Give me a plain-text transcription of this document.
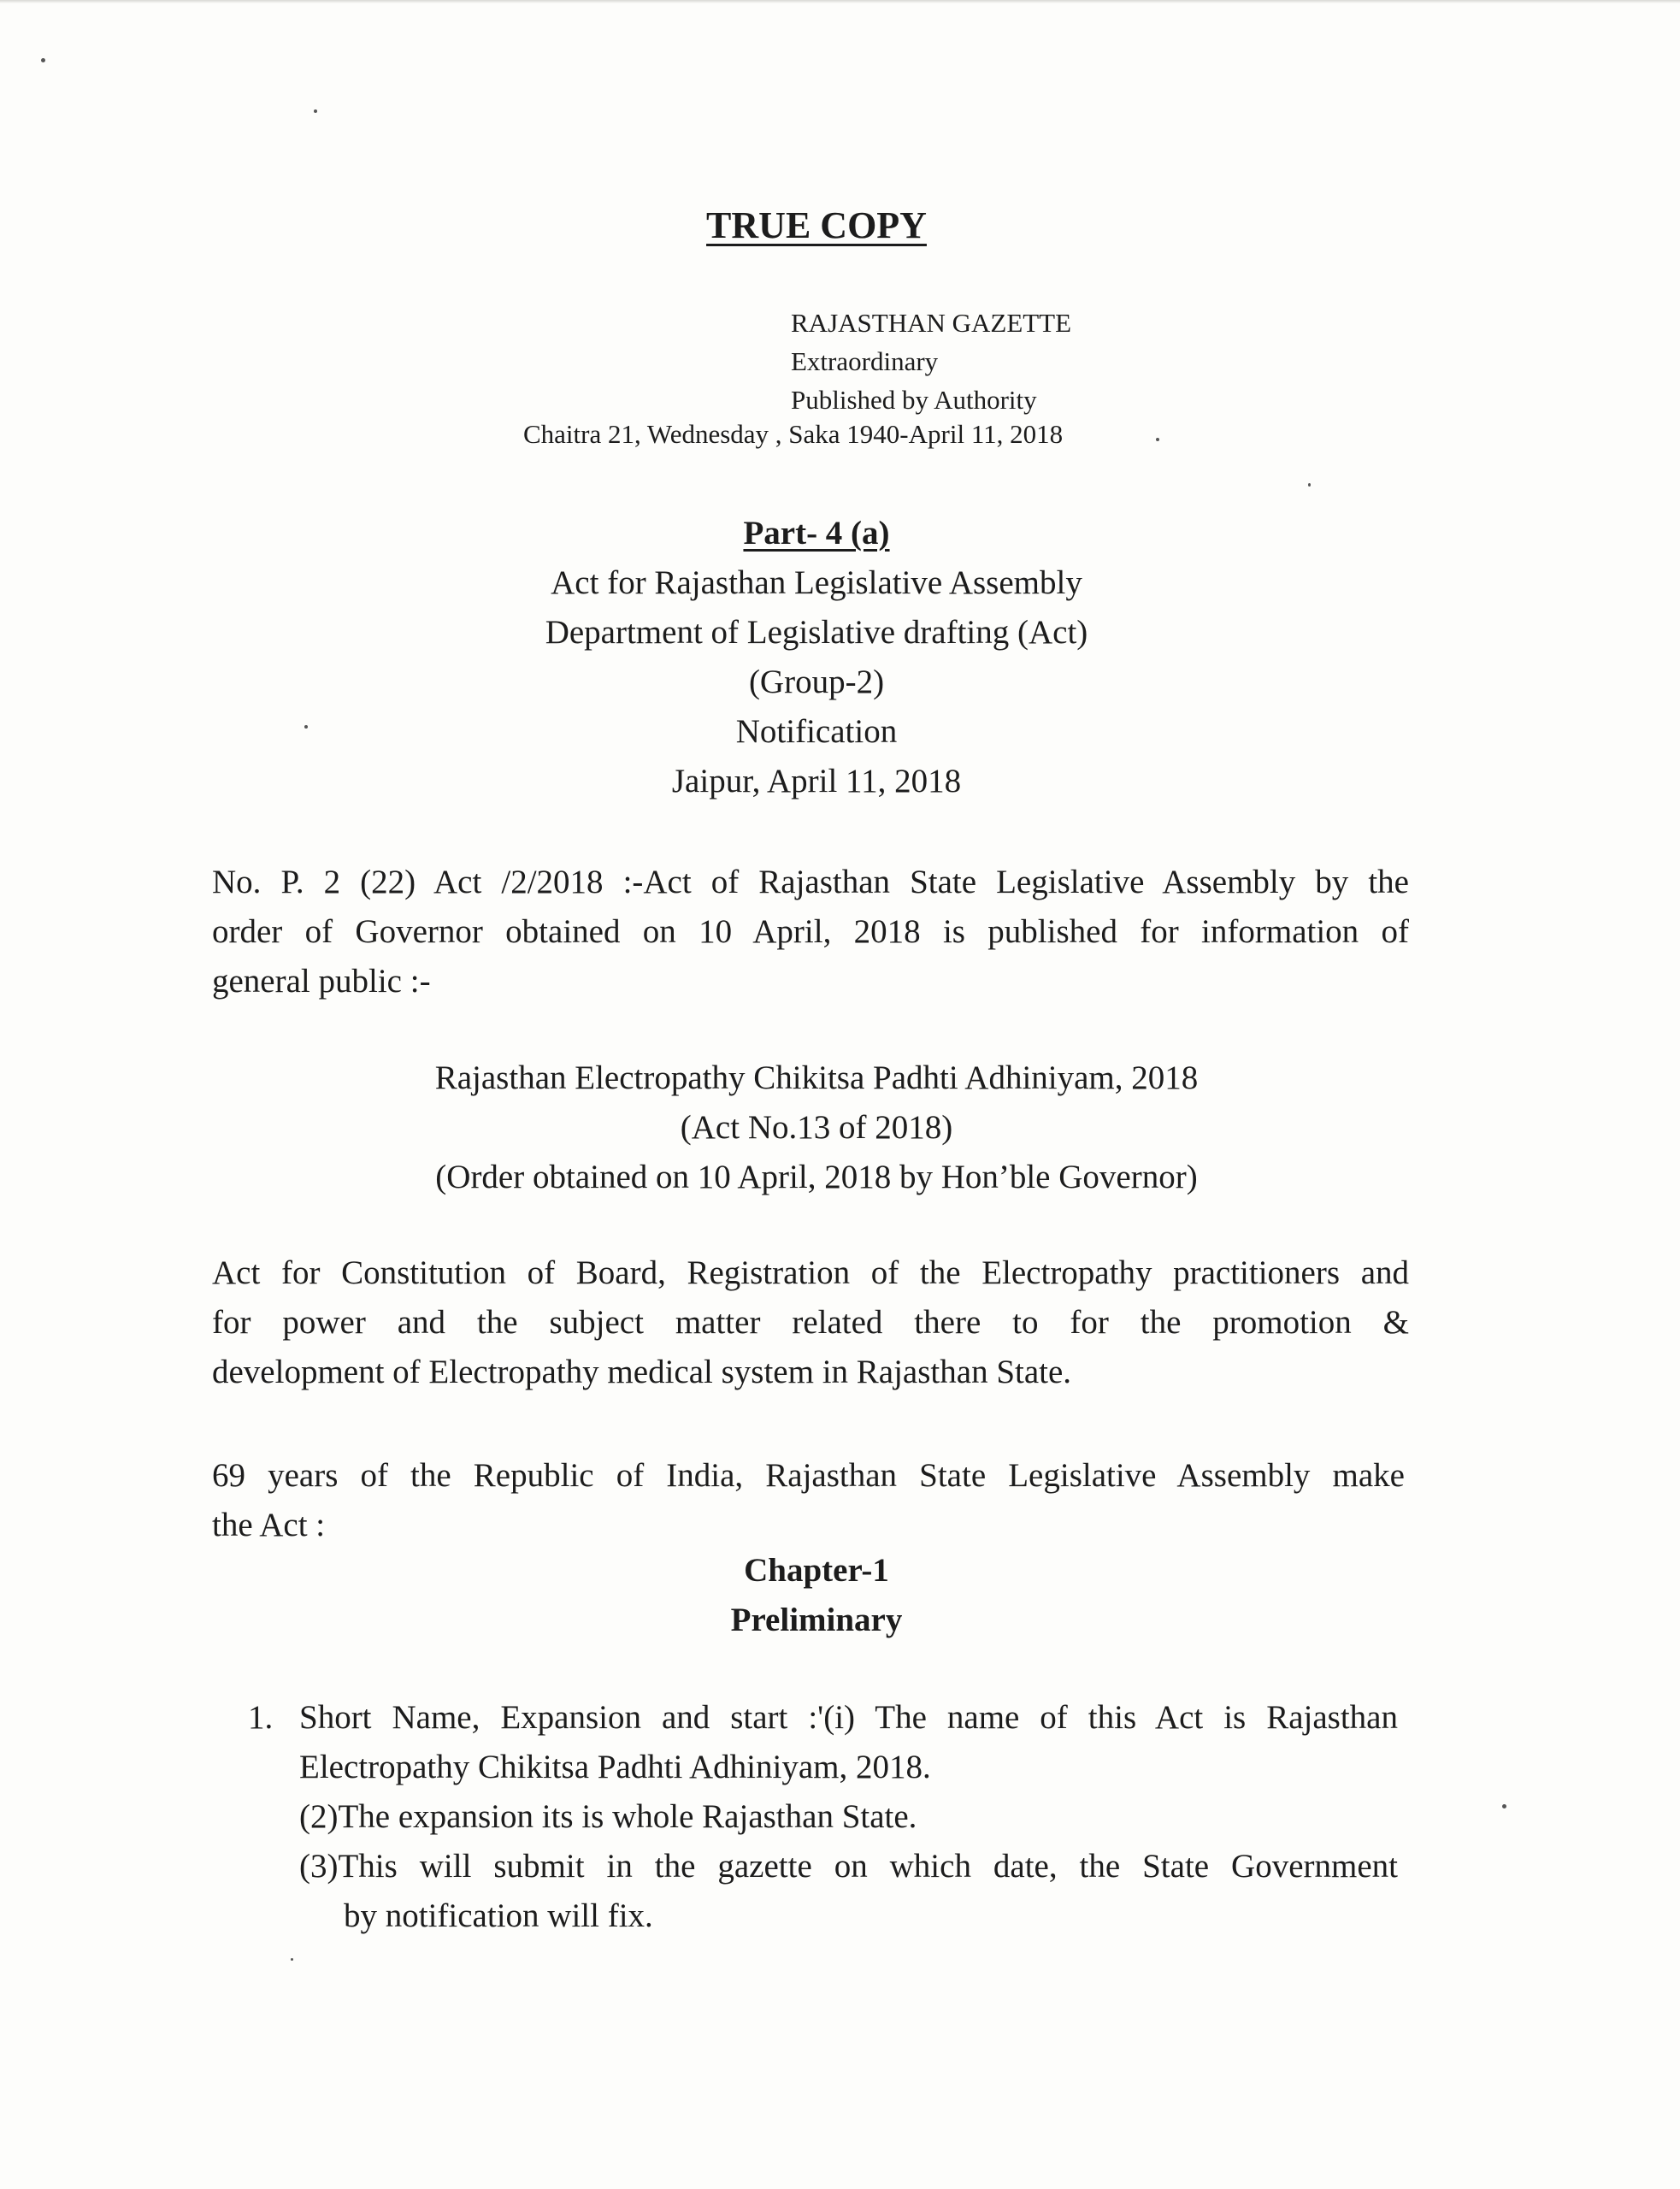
TRUE COPY
RAJASTHAN GAZETTE
Extraordinary
Published by Authority
Chaitra 21, Wednesday , Saka 1940-April 11, 2018
Part- 4 (a)
Act for Rajasthan Legislative Assembly
Department of Legislative drafting (Act)
(Group-2)
Notification
Jaipur, April 11, 2018
No. P. 2 (22) Act /2/2018 :-Act of Rajasthan State Legislative Assembly by the
order of Governor obtained on 10 April, 2018 is published for information of
general public :-
Rajasthan Electropathy Chikitsa Padhti Adhiniyam, 2018
(Act No.13 of 2018)
(Order obtained on 10 April, 2018 by Hon’ble Governor)
Act for Constitution of Board, Registration of the Electropathy practitioners and
for power and the subject matter related there to for the promotion &
development of Electropathy medical system in Rajasthan State.
69 years of the Republic of India, Rajasthan State Legislative Assembly make
the Act :
Chapter-1
Preliminary
1. Short Name, Expansion and start :'(i) The name of this Act is Rajasthan
Electropathy Chikitsa Padhti Adhiniyam, 2018.
(2)The expansion its is whole Rajasthan State.
(3)This will submit in the gazette on which date, the State Government
by notification will fix.
